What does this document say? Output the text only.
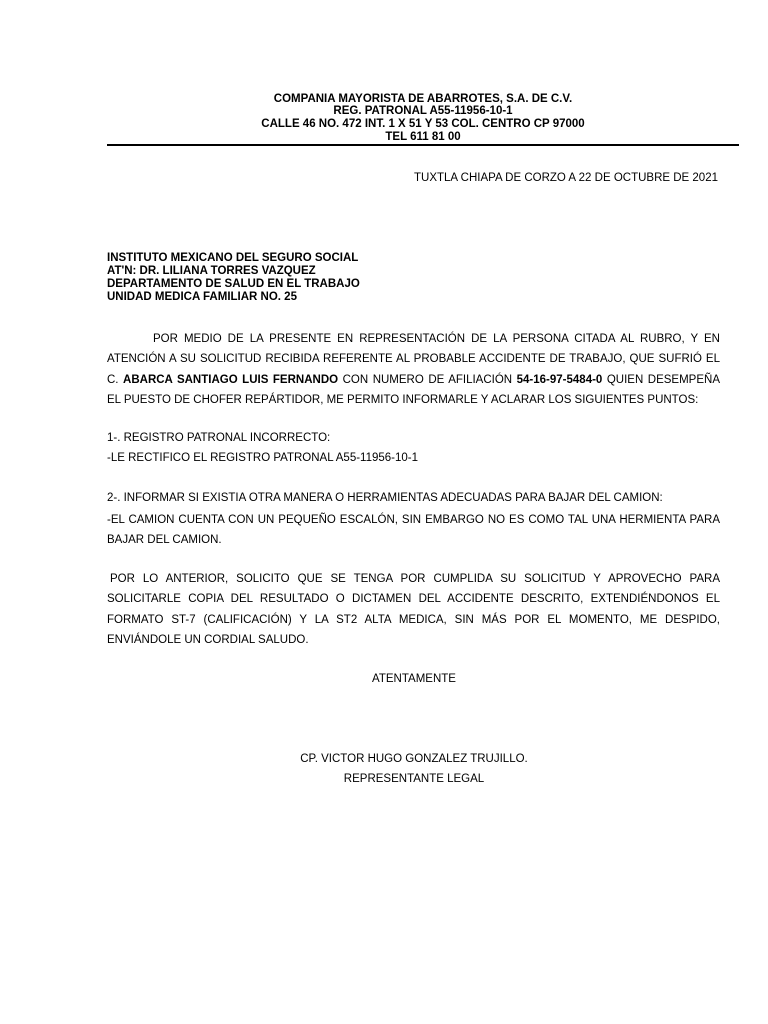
COMPANIA MAYORISTA DE ABARROTES, S.A. DE C.V.
REG. PATRONAL A55-11956-10-1
CALLE 46 NO. 472 INT. 1 X 51 Y 53 COL. CENTRO CP 97000
TEL 611 81 00
TUXTLA CHIAPA DE CORZO A 22 DE OCTUBRE DE 2021
INSTITUTO MEXICANO DEL SEGURO SOCIAL
AT'N: DR. LILIANA TORRES VAZQUEZ
DEPARTAMENTO DE SALUD EN EL TRABAJO
UNIDAD MEDICA FAMILIAR NO. 25
POR MEDIO DE LA PRESENTE EN REPRESENTACIÓN DE LA PERSONA CITADA AL RUBRO, Y EN ATENCIÓN A SU SOLICITUD RECIBIDA REFERENTE AL PROBABLE ACCIDENTE DE TRABAJO, QUE SUFRIÓ EL C. ABARCA SANTIAGO LUIS FERNANDO CON NUMERO DE AFILIACIÓN 54-16-97-5484-0 QUIEN DESEMPEÑA EL PUESTO DE CHOFER REPÁRTIDOR, ME PERMITO INFORMARLE Y ACLARAR LOS SIGUIENTES PUNTOS:
1-. REGISTRO PATRONAL INCORRECTO:
-LE RECTIFICO EL REGISTRO PATRONAL A55-11956-10-1
2-. INFORMAR SI EXISTIA OTRA MANERA O HERRAMIENTAS ADECUADAS PARA BAJAR DEL CAMION:
-EL CAMION CUENTA CON UN PEQUEÑO ESCALÓN, SIN EMBARGO NO ES COMO TAL UNA HERMIENTA PARA BAJAR DEL CAMION.
POR LO ANTERIOR, SOLICITO QUE SE TENGA POR CUMPLIDA SU SOLICITUD Y APROVECHO PARA SOLICITARLE COPIA DEL RESULTADO O DICTAMEN DEL ACCIDENTE DESCRITO, EXTENDIÉNDONOS EL FORMATO ST-7 (CALIFICACIÓN) Y LA ST2 ALTA MEDICA, SIN MÁS POR EL MOMENTO, ME DESPIDO, ENVIÁNDOLE UN CORDIAL SALUDO.
ATENTAMENTE
CP. VICTOR HUGO GONZALEZ TRUJILLO.
REPRESENTANTE LEGAL
